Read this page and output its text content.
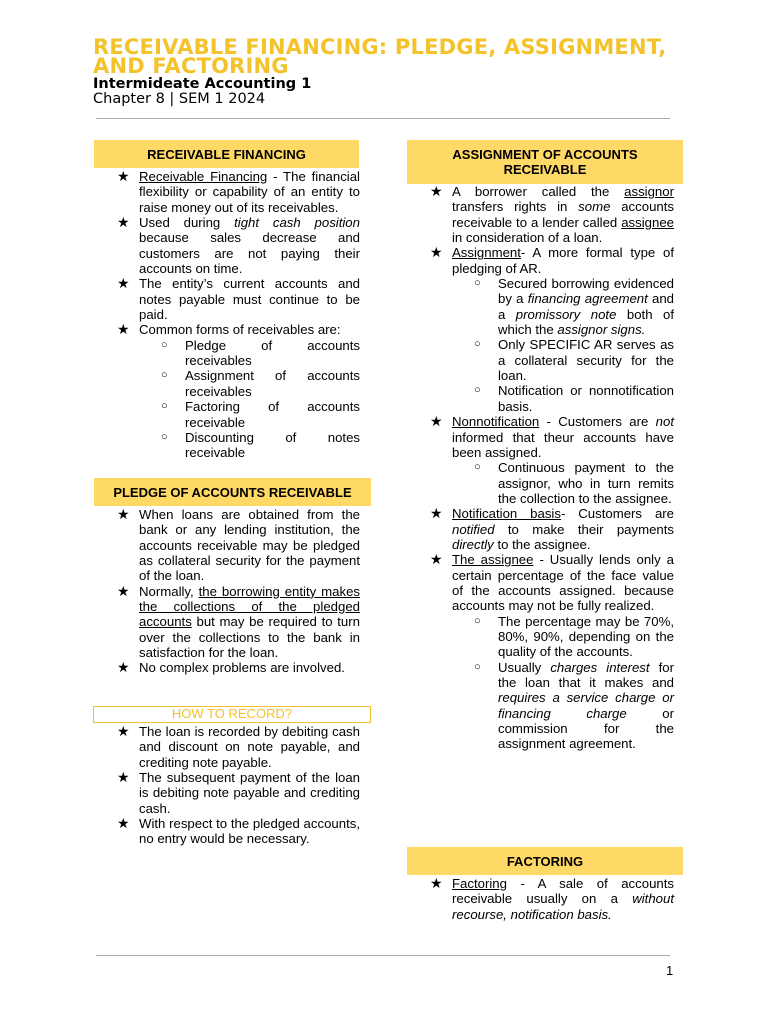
RECEIVABLE FINANCING: PLEDGE, ASSIGNMENT, AND FACTORING
Intermideate Accounting 1
Chapter 8 | SEM 1 2024
RECEIVABLE FINANCING
★ Receivable Financing - The financial flexibility or capability of an entity to raise money out of its receivables.
★ Used during tight cash position because sales decrease and customers are not paying their accounts on time.
★ The entity’s current accounts and notes payable must continue to be paid.
★ Common forms of receivables are:
○ Pledge of accounts receivables
○ Assignment of accounts receivables
○ Factoring of accounts receivable
○ Discounting of notes receivable
PLEDGE OF ACCOUNTS RECEIVABLE
★ When loans are obtained from the bank or any lending institution, the accounts receivable may be pledged as collateral security for the payment of the loan.
★ Normally, the borrowing entity makes the collections of the pledged accounts but may be required to turn over the collections to the bank in satisfaction for the loan.
★ No complex problems are involved.
HOW TO RECORD?
★ The loan is recorded by debiting cash and discount on note payable, and crediting note payable.
★ The subsequent payment of the loan is debiting note payable and crediting cash.
★ With respect to the pledged accounts, no entry would be necessary.
ASSIGNMENT OF ACCOUNTS RECEIVABLE
★ A borrower called the assignor transfers rights in some accounts receivable to a lender called assignee in consideration of a loan.
★ Assignment- A more formal type of pledging of AR.
○ Secured borrowing evidenced by a financing agreement and a promissory note both of which the assignor signs.
○ Only SPECIFIC AR serves as a collateral security for the loan.
○ Notification or nonnotification basis.
★ Nonnotification - Customers are not informed that theur accounts have been assigned.
○ Continuous payment to the assignor, who in turn remits the collection to the assignee.
★ Notification basis- Customers are notified to make their payments directly to the assignee.
★ The assignee - Usually lends only a certain percentage of the face value of the accounts assigned. because accounts may not be fully realized.
○ The percentage may be 70%, 80%, 90%, depending on the quality of the accounts.
○ Usually charges interest for the loan that it makes and requires a service charge or financing charge or commission for the assignment agreement.
FACTORING
★ Factoring - A sale of accounts receivable usually on a without recourse, notification basis.
1
